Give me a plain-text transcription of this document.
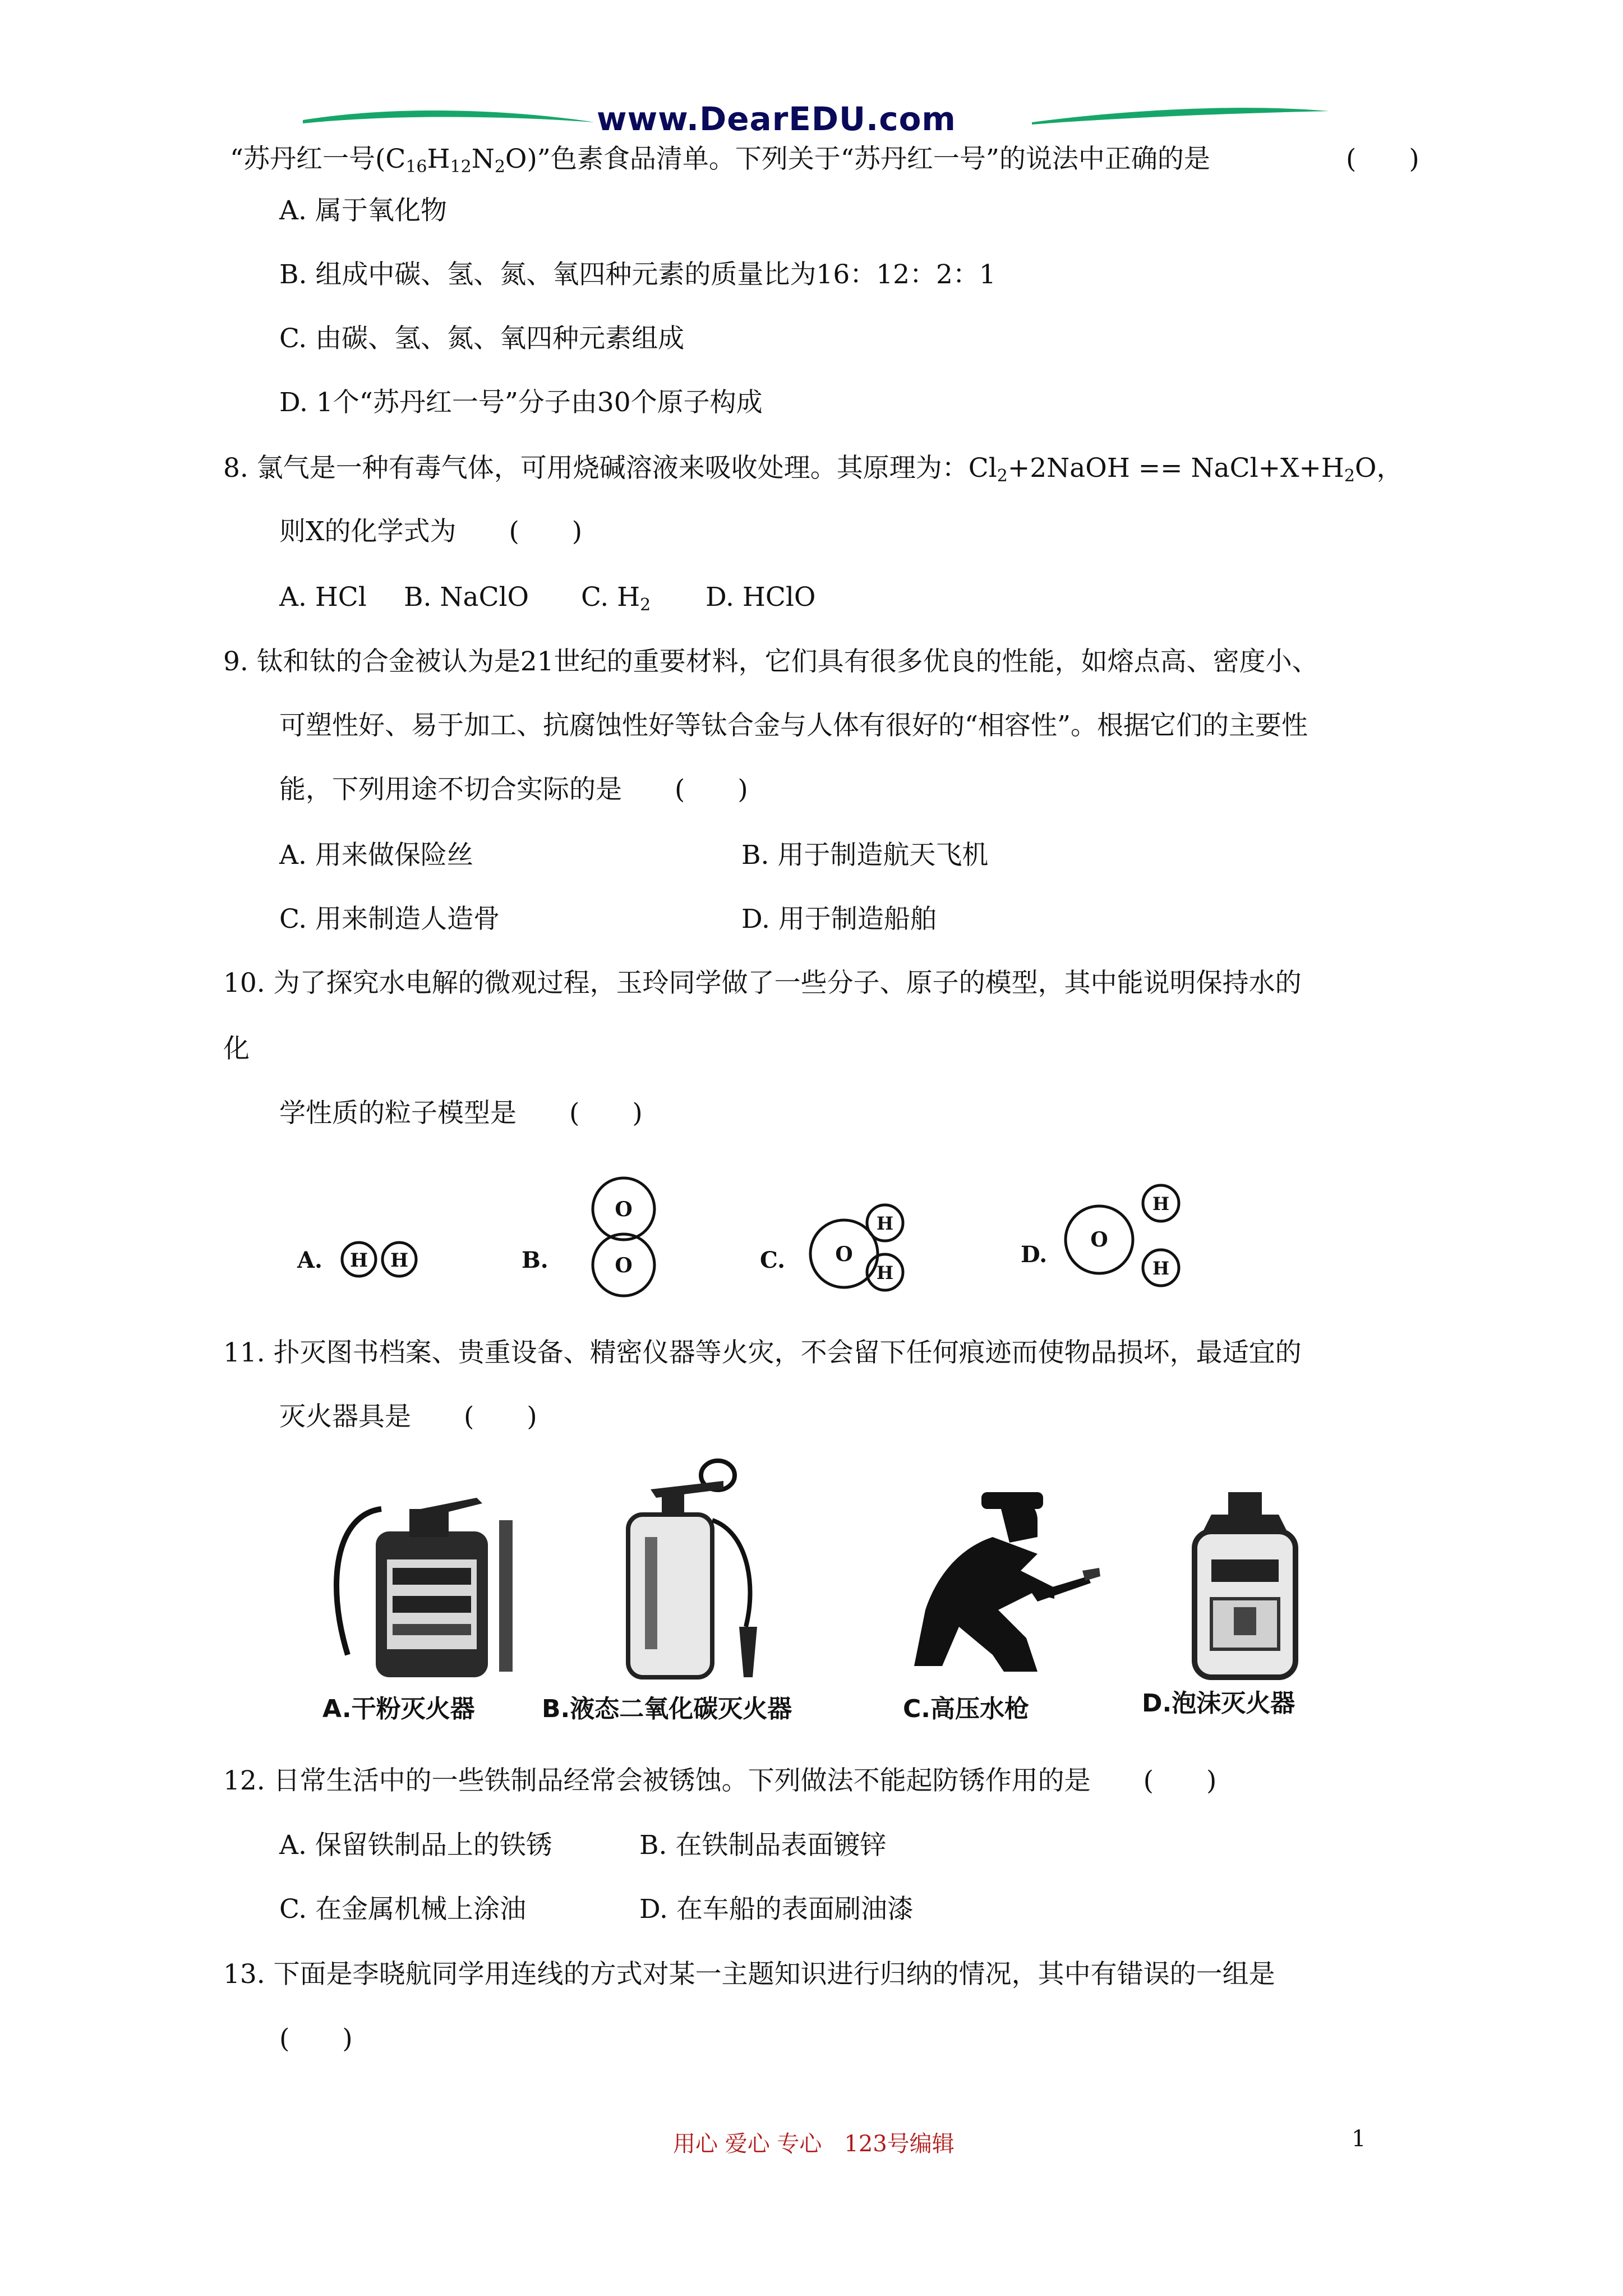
www.DearEDU.com
“苏丹红一号$(C_{16}H_{12}N_2O)$”色素食品清单。下列关于“苏丹红一号”的说法中正确的是	(　　)
A. 属于氧化物
B. 组成中碳、氢、氮、氧四种元素的质量比为16：12：2：1
C. 由碳、氢、氮、氧四种元素组成
D. 1个“苏丹红一号”分子由30个原子构成
8. 氯气是一种有毒气体，可用烧碱溶液来吸收处理。其原理为：$Cl_2+2NaOH$ == $NaCl+X+H_2O$，
则X的化学式为　　(　　)
A. HCl B. NaClO C. $H_2$ D. HClO
9. 钛和钛的合金被认为是21世纪的重要材料，它们具有很多优良的性能，如熔点高、密度小、
可塑性好、易于加工、抗腐蚀性好等钛合金与人体有很好的“相容性”。根据它们的主要性
能，下列用途不切合实际的是　　(　　)
A. 用来做保险丝	B. 用于制造航天飞机
C. 用来制造人造骨	D. 用于制造船舶
10. 为了探究水电解的微观过程，玉玲同学做了一些分子、原子的模型，其中能说明保持水的
化
学性质的粒子模型是　　(　　)
A. H H	B.
O
O	C. O
H
H
D.
O
H
H
11. 扑灭图书档案、贵重设备、精密仪器等火灾，不会留下任何痕迹而使物品损坏，最适宜的
灭火器具是　　(　　)
A.干粉灭火器	B.液态二氧化碳灭火器	C.高压水枪	D.泡沫灭火器
12. 日常生活中的一些铁制品经常会被锈蚀。下列做法不能起防锈作用的是　　(　　)
A. 保留铁制品上的铁锈	B. 在铁制品表面镀锌
C. 在金属机械上涂油	D. 在车船的表面刷油漆
13. 下面是李晓航同学用连线的方式对某一主题知识进行归纳的情况，其中有错误的一组是
(　　)
用心 爱心 专心　123号编辑	1
